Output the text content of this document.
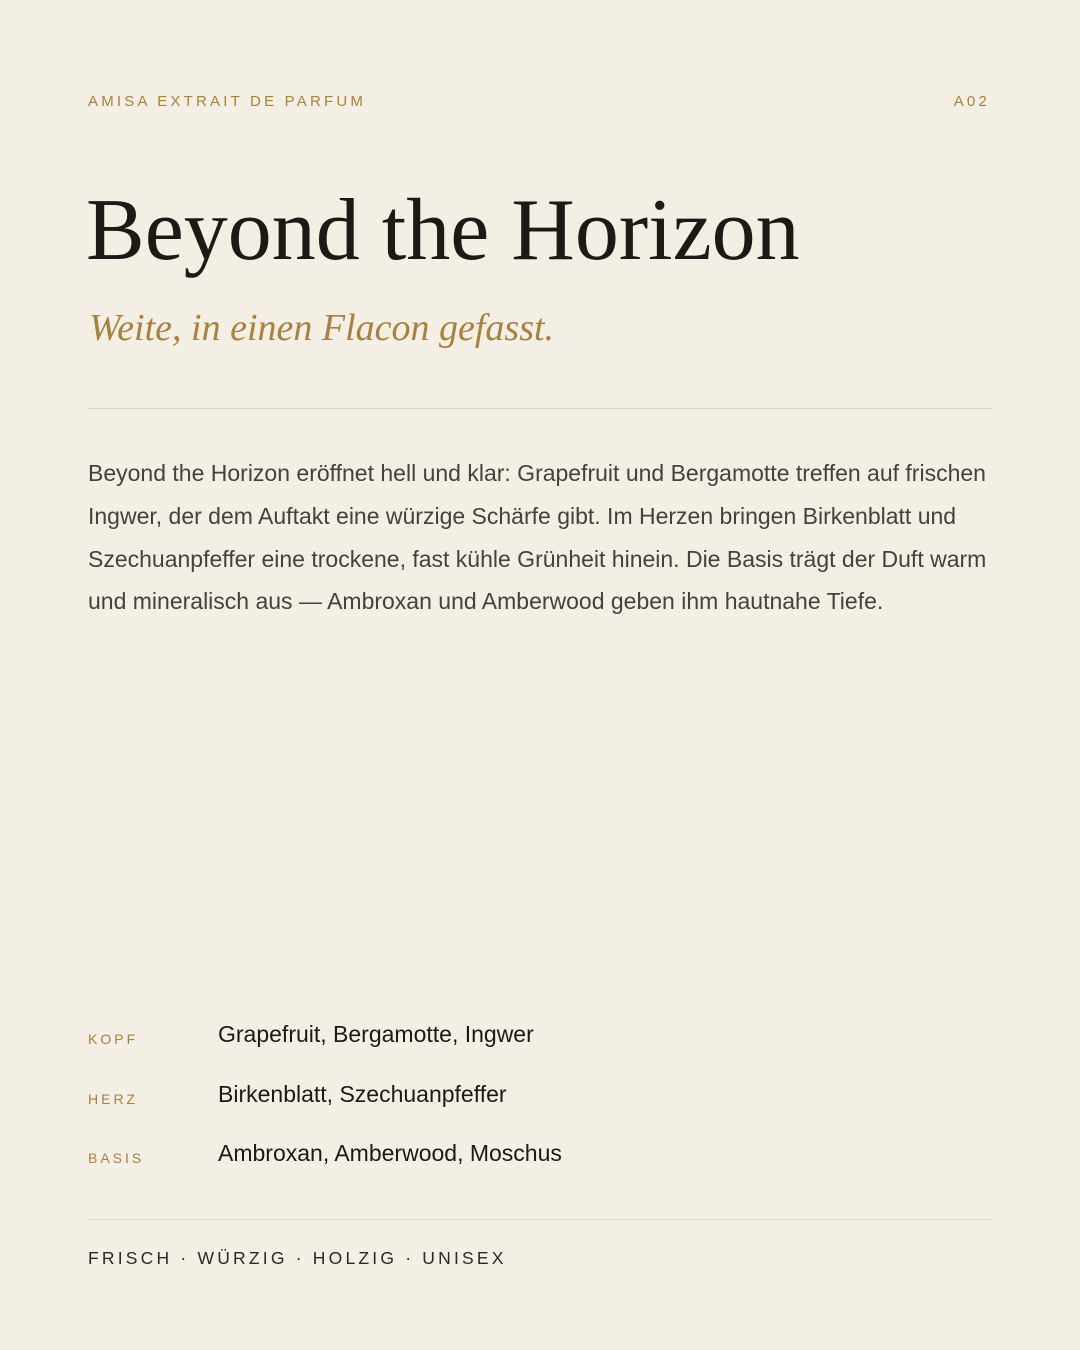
AMISA EXTRAIT DE PARFUM	A02
Beyond the Horizon

Weite, in einen Flacon gefasst.

Beyond the Horizon eröffnet hell und klar: Grapefruit und Bergamotte treffen auf frischen Ingwer, der dem Auftakt eine würzige Schärfe gibt. Im Herzen bringen Birkenblatt und Szechuanpfeffer eine trockene, fast kühle Grünheit hinein. Die Basis trägt der Duft warm und mineralisch aus — Ambroxan und Amberwood geben ihm hautnahe Tiefe.

KOPF	Grapefruit, Bergamotte, Ingwer
HERZ	Birkenblatt, Szechuanpfeffer
BASIS	Ambroxan, Amberwood, Moschus
FRISCH · WÜRZIG · HOLZIG · UNISEX
